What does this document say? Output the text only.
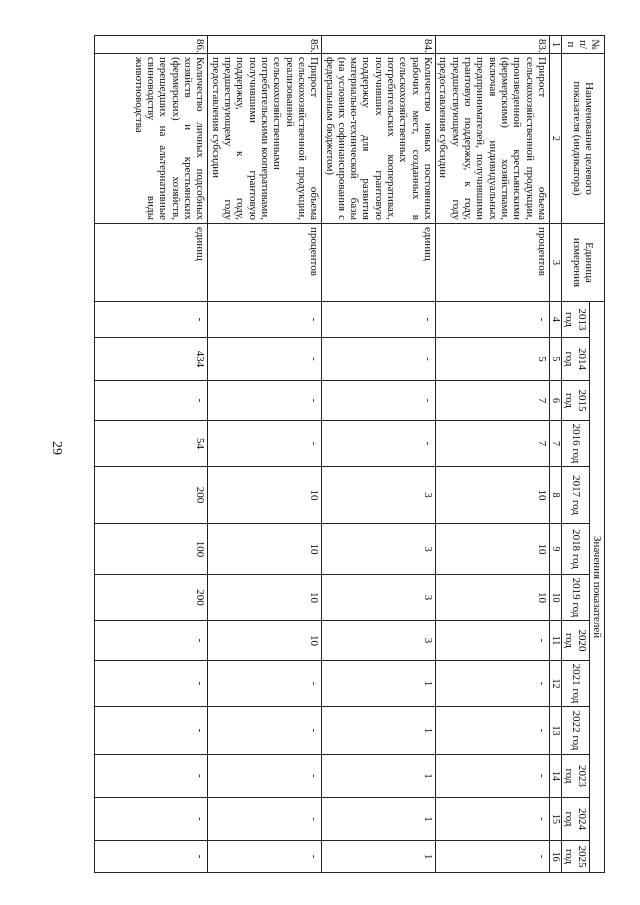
29
№ п/п	Наименование целевого показателя (индикатора)	Единица измерения	Значения показателей												
			2013 год	2014 год	2015 год	2016 год	2017 год	2018 год	2019 год	2020 год	2021 год	2022 год	2023 год	2024 год	2025 год
1	2	3	4	5	6	7	8	9	10	11	12	13	14	15	16
83.	Прирост объема сельскохозяйственной продукции, произведенной крестьянскими (фермерскими) хозяйствами, включая индивидуальных предпринимателей, получившими грантовую поддержку, к году, предшествующему году предоставления субсидии	процентов	-	5	7	7	10	10	10	-	-	-	-	-	-
84.	Количество новых постоянных рабочих мест, созданных в сельскохозяйственных потребительских кооперативах, получивших грантовую поддержку для развития материально-технической базы (на условиях софинансирования с федеральным бюджетом)	единиц	-	-	-	-	3	3	3	3	1	1	1	1	1
85.	Прирост объема сельскохозяйственной продукции, реализованной сельскохозяйственными потребительскими кооперативами, получившими грантовую поддержку, к году, предшествующему году предоставления субсидии	процентов	-	-	-	-	10	10	10	10	-	-	-	-	-
86.	Количество личных подсобных хозяйств и крестьянских (фермерских) хозяйств, перешедших на альтернативные свиноводству виды животноводства	единиц	-	434	-	54	200	100	200	-	-	-	-	-	-
